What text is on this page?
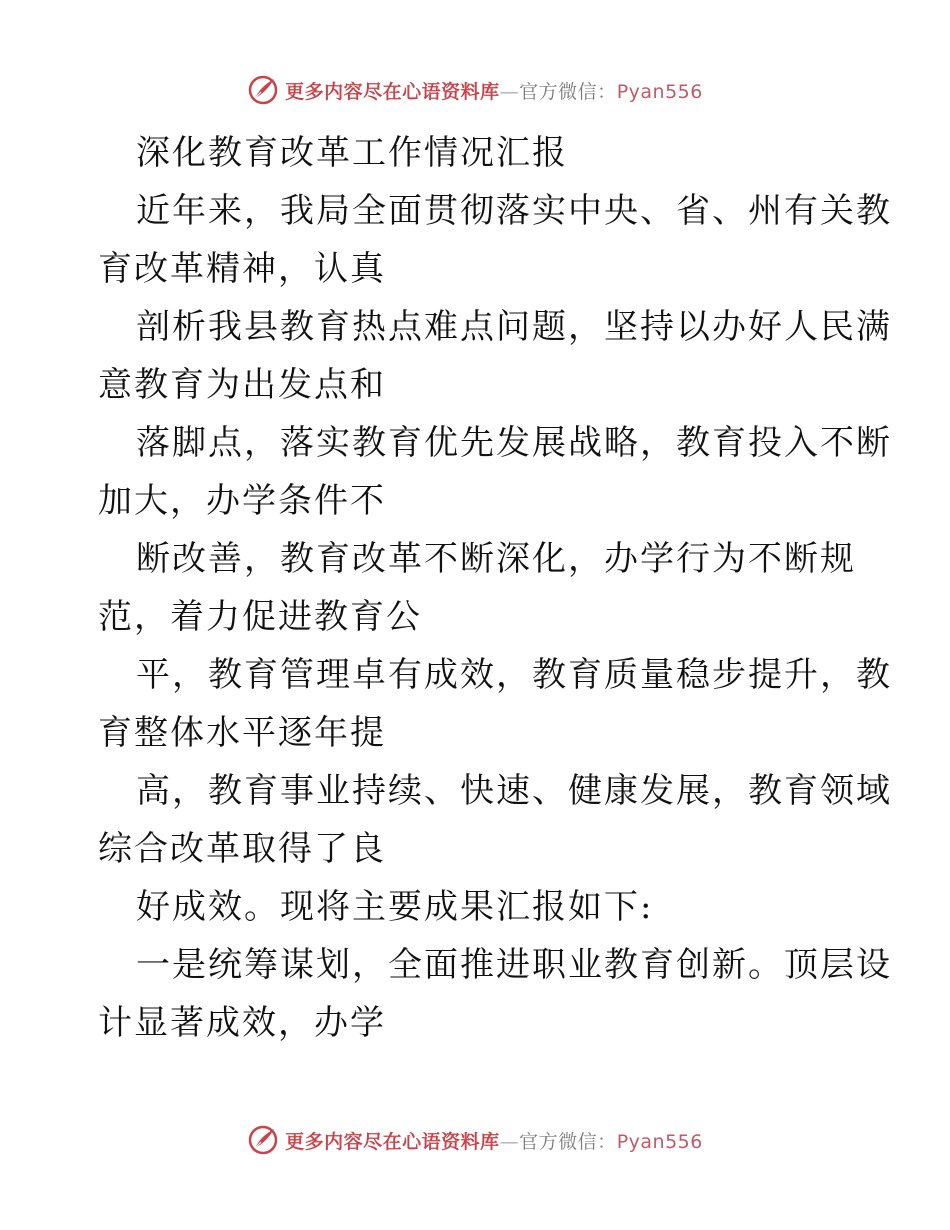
更多内容尽在心语资料库—官方微信：Pyan556
深化教育改革工作情况汇报
近年来，我局全面贯彻落实中央、省、州有关教
育改革精神，认真
剖析我县教育热点难点问题，坚持以办好人民满
意教育为出发点和
落脚点，落实教育优先发展战略，教育投入不断
加大，办学条件不
断改善，教育改革不断深化，办学行为不断规
范，着力促进教育公
平，教育管理卓有成效，教育质量稳步提升，教
育整体水平逐年提
高，教育事业持续、快速、健康发展，教育领域
综合改革取得了良
好成效。现将主要成果汇报如下:
一是统筹谋划，全面推进职业教育创新。顶层设
计显著成效，办学
更多内容尽在心语资料库—官方微信：Pyan556
